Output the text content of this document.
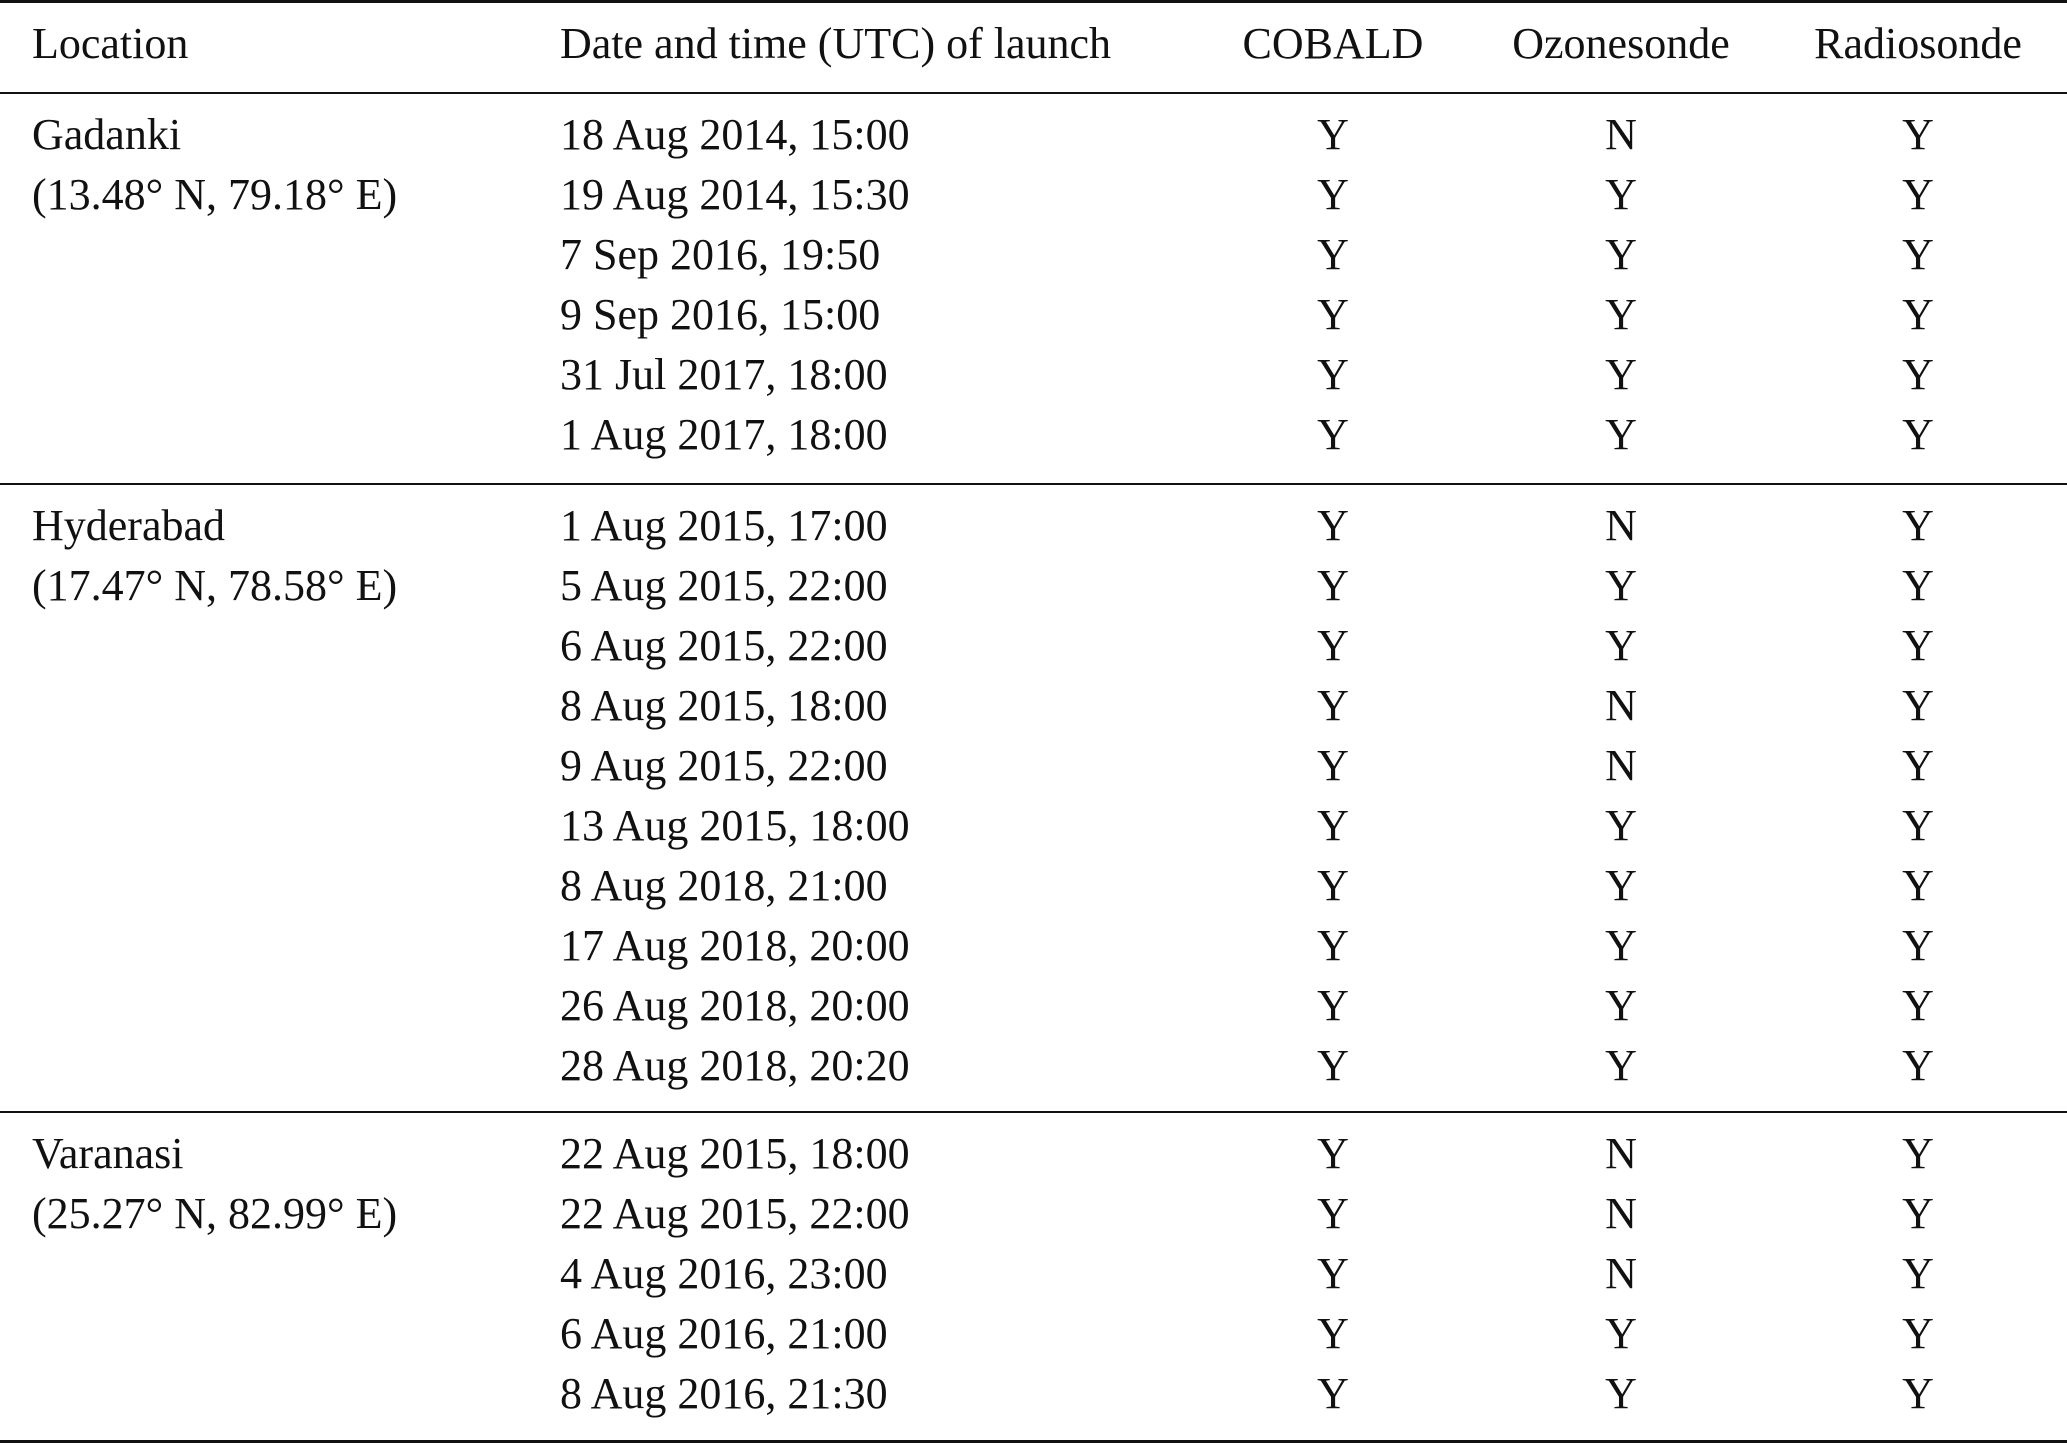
Location	Date and time (UTC) of launch	COBALD	Ozonesonde	Radiosonde
Gadanki
(13.48° N, 79.18° E)
18 Aug 2014, 15:00	Y	N	Y
19 Aug 2014, 15:30	Y	Y	Y
7 Sep 2016, 19:50	Y	Y	Y
9 Sep 2016, 15:00	Y	Y	Y
31 Jul 2017, 18:00	Y	Y	Y
1 Aug 2017, 18:00	Y	Y	Y
Hyderabad
(17.47° N, 78.58° E)
1 Aug 2015, 17:00	Y	N	Y
5 Aug 2015, 22:00	Y	Y	Y
6 Aug 2015, 22:00	Y	Y	Y
8 Aug 2015, 18:00	Y	N	Y
9 Aug 2015, 22:00	Y	N	Y
13 Aug 2015, 18:00	Y	Y	Y
8 Aug 2018, 21:00	Y	Y	Y
17 Aug 2018, 20:00	Y	Y	Y
26 Aug 2018, 20:00	Y	Y	Y
28 Aug 2018, 20:20	Y	Y	Y
Varanasi
(25.27° N, 82.99° E)
22 Aug 2015, 18:00	Y	N	Y
22 Aug 2015, 22:00	Y	N	Y
4 Aug 2016, 23:00	Y	N	Y
6 Aug 2016, 21:00	Y	Y	Y
8 Aug 2016, 21:30	Y	Y	Y
